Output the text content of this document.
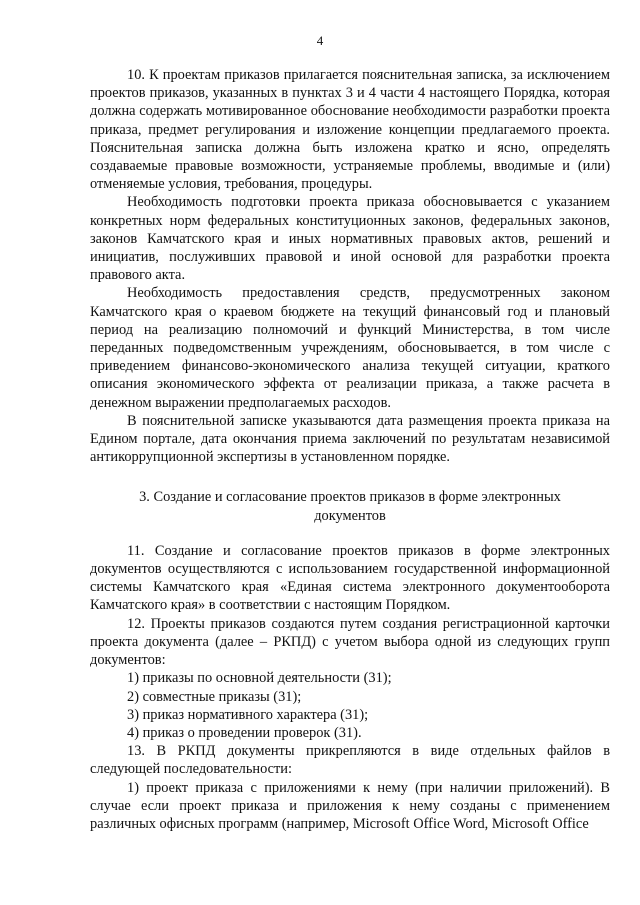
4

10. К проектам приказов прилагается пояснительная записка, за исключением проектов приказов, указанных в пунктах 3 и 4 части 4 настоящего Порядка, которая должна содержать мотивированное обоснование необходимости разработки проекта приказа, предмет регулирования и изложение концепции предлагаемого проекта. Пояснительная записка должна быть изложена кратко и ясно, определять создаваемые правовые возможности, устраняемые проблемы, вводимые и (или) отменяемые условия, требования, процедуры.

Необходимость подготовки проекта приказа обосновывается с указанием конкретных норм федеральных конституционных законов, федеральных законов, законов Камчатского края и иных нормативных правовых актов, решений и инициатив, послуживших правовой и иной основой для разработки проекта правового акта.

Необходимость предоставления средств, предусмотренных законом Камчатского края о краевом бюджете на текущий финансовый год и плановый период на реализацию полномочий и функций Министерства, в том числе переданных подведомственным учреждениям, обосновывается, в том числе с приведением финансово-экономического анализа текущей ситуации, краткого описания экономического эффекта от реализации приказа, а также расчета в денежном выражении предполагаемых расходов.

В пояснительной записке указываются дата размещения проекта приказа на Едином портале, дата окончания приема заключений по результатам независимой антикоррупционной экспертизы в установленном порядке.

3. Создание и согласование проектов приказов в форме электронных документов

11. Создание и согласование проектов приказов в форме электронных документов осуществляются с использованием государственной информационной системы Камчатского края «Единая система электронного документооборота Камчатского края» в соответствии с настоящим Порядком.

12. Проекты приказов создаются путем создания регистрационной карточки проекта документа (далее – РКПД) с учетом выбора одной из следующих групп документов:

1) приказы по основной деятельности (31);

2) совместные приказы (31);

3) приказ нормативного характера (31);

4) приказ о проведении проверок (31).

13. В РКПД документы прикрепляются в виде отдельных файлов в следующей последовательности:

1) проект приказа с приложениями к нему (при наличии приложений). В случае если проект приказа и приложения к нему созданы с применением различных офисных программ (например, Microsoft Office Word, Microsoft Office
